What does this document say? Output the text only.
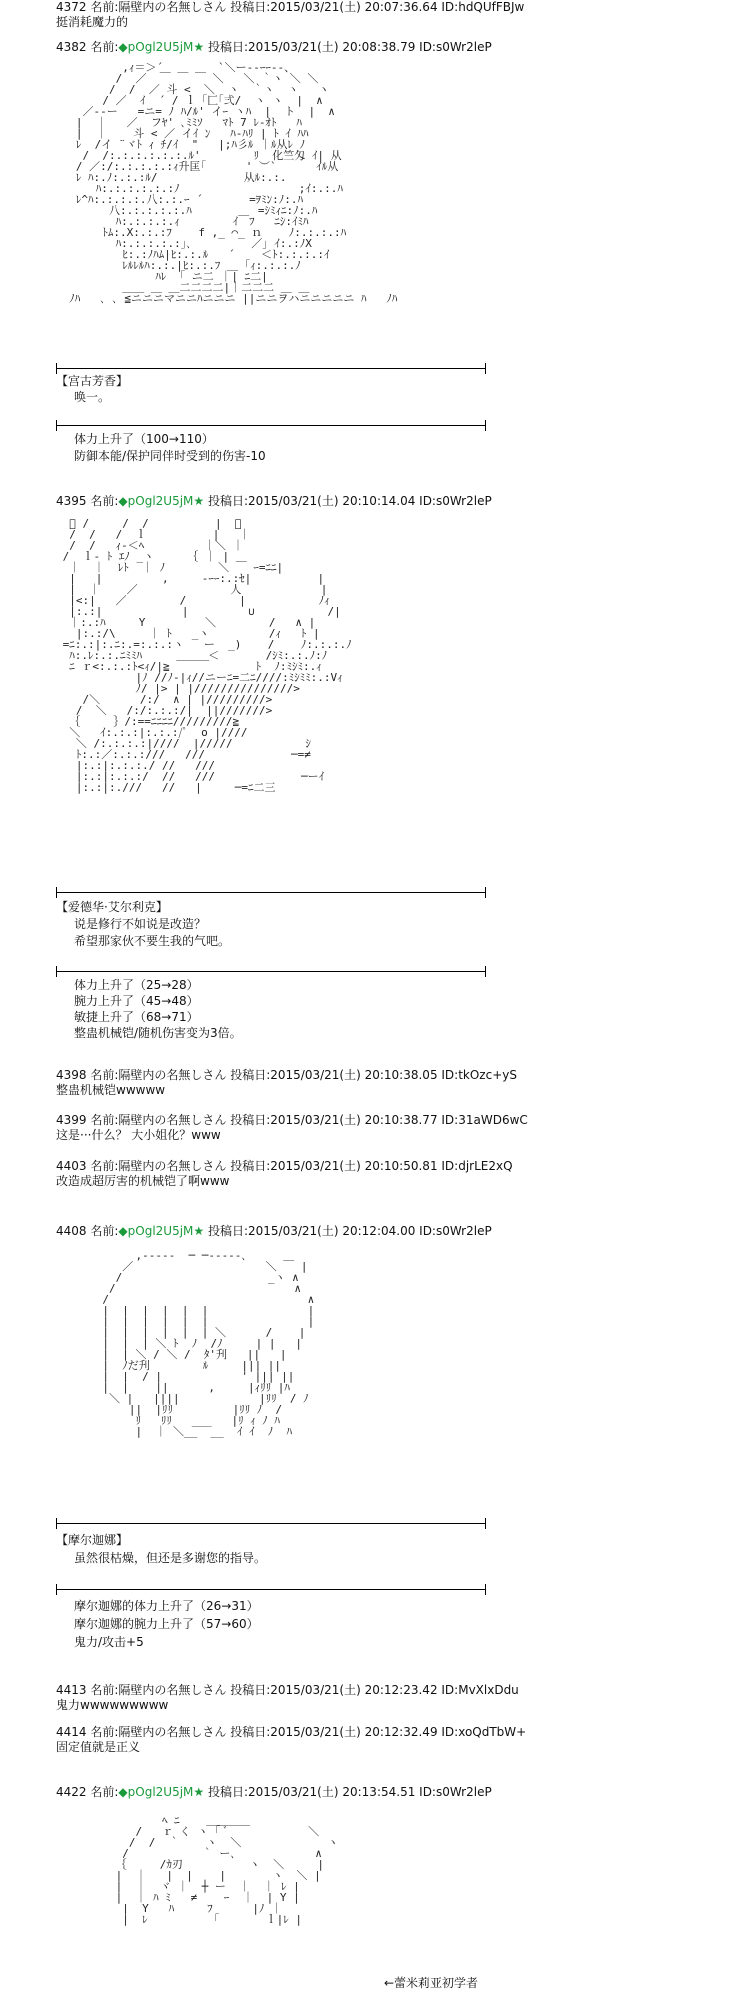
4372 名前:隔壁内の名無しさん 投稿日:2015/03/21(土) 20:07:36.64 ID:hdQUfFBJw
挺消耗魔力的
4382 名前:◆pOgl2U5jM★ 投稿日:2015/03/21(土) 20:08:38.79 ID:s0Wr2leP
,ｨ＝＞´￣￣￣￣￣`＼ー--ｰｰ--、
/  ／  ￣ ￣ ￣ ＼   ＼ ｀ヽ ＼ ＼
/  /  ／ 斗 <  ＼  ヽ  ｀ヽ  ヽ   ヽ
/ ／  ｲ  ´ / ｌ「匚｢弍/  ヽ ヽ  |  ∧
／--ー   =ニ= ﾉ ﾊ/ﾙ' イｰ ヽﾊ  |  ト  |  ∧
|  ｜   ／  フﾔ' ､ﾐﾐｿ   ﾏﾄ 7 ﾚ-ｵﾄ   ﾊ
|  ｜    斗 < ／ イｲ ﾝ   ﾊ-ﾊﾘ | ﾄ ｲ ﾊﾊ
ﾚ  /イ ¨ヾﾄ ｨ ﾁ/ｲ  "   |;ﾊ彡ﾙ ｜ﾙ从ﾚ ﾉ
/  /:.:.:.:.:.:.ﾙ'        ﾘ  化竺匁 ｲ| 从
/ ／:/:.:.:.:.:ｨ升匡｢      ' ︶`      ｲﾙ从
ﾚ ﾊ:.ﾉ:.:.:ﾙ/             从ﾙ:.:.
ﾊ:.:.:.:.:.:ﾉ                  ;ｲ:.:.ﾊ
ﾚ^ﾊ:.:.:.:.八:.:.ｰ ´       =ｦﾐﾝ:ﾉ:.ﾊ
八:.:.:.:.:.ﾊ          =ｼﾐｨﾆ:ﾉ:.ﾊ
ﾊ:.:.:.:.ｨ        ｲ￣ﾌ   ﾆｼ:ｲﾐﾊ
ﾄﾑ:.X:.:.:ﾌ    f ,_ ⌒_ ｎ    ﾉ:.:.:.:ﾊ
ﾊ:.:.:.:.:｣､         ／｣ ｲ:.:ﾉX
ﾋ:.:ﾉﾊﾑ|ﾋ:.:.ﾙ   ´    ＜ﾄ:.:.:.:ｲ
ﾚﾙﾚﾙﾊ:.:.|ﾋ:.:.ﾌ ＿ ｢ｨ:.:.:.ﾉ
ﾊﾚ  ｢ ニ二 ｜| ﾆ二|
＿＿ ＿ ＿二二二二|｜二二二 ＿ ＿
ﾉﾊ   ､ ､ ≦ニニニマニニﾊニニニ ||ニニヲハニニニニニ ﾊ   ﾉﾊ
【宫古芳香】
唤一。
体力上升了（100→110）
防御本能/保护同伴时受到的伤害-10
4395 名前:◆pOgl2U5jM★ 投稿日:2015/03/21(土) 20:10:14.04 ID:s0Wr2leP
ﾞ /     /  /          |  ＼
/  /   /  ｌ          |   ｜
/  /   ｨ-＜ﾍ         ｜＼ ｜
/  ｌ- ﾄ ｴﾉ _ヽ     ｛ ｜ |
｜  ｜  ﾚﾄ  ｜ ﾉ        ＼ ￣ ｰ=ﾆﾆ|
|   |         ,     -ｰｰ:.:ｾ|          |
|  ｜    ／              人            |
|<:|   ／        /        |           ﾉｨ
|:.:|            |         ∪           /|
｜:.:ﾊ     Y         ＼        /   ∧ |
|:.:/\     ｜ ﾄ   _ヽ         /ｨ   ﾄ |
=ﾆ:.:|:.ﾆ:.=:.:.:ヽ   ー  _)    /    ﾉ:.:.:.ﾉ
ﾊ:.ﾚ:.:.ﾆﾐﾐﾊ          ＜       /ｼﾐ:.:.ﾉ:ﾉ
ﾆ ｒ<:.:.:ﾄ<ｨ/|≧ ￣￣￣       ﾄ  ﾉ:ﾐｼﾐ:.ｨ
|ﾉ //ﾉ-|ｨ//ニーﾆ=二ﾆ////:ﾐｼﾐﾐ:.:Vｨ
ﾉ/ |> | |///////////////>
/＼      /:/  ∧ | |/////////>
/  ＼   /:/:.:.:/|  ||///////>
｛     ｝/:==ﾆﾆﾆﾆ/////////≧
＼   ｲ:.:.:|:.:.:/ﾟ  o |////
＼ /:.:.:.:|////  |/////           ｼ
ﾄ:.:／:.:.:///   ///             ─=≠
|:.:|:.:.:./ //   ///
|:.:|:.:.:/  //   ///             ─ーｲ
|:.:|:.///   //   |     ─=ﾆ二三
【爱德华·艾尔利克】
说是修行不如说是改造？
希望那家伙不要生我的气吧。
体力上升了（25→28）
腕力上升了（45→48）
敏捷上升了（68→71）
整蛊机械铠/随机伤害变为3倍。
4398 名前:隔壁内の名無しさん 投稿日:2015/03/21(土) 20:10:38.05 ID:tkOzc+yS
整蛊机械铠wwwww
4399 名前:隔壁内の名無しさん 投稿日:2015/03/21(土) 20:10:38.77 ID:31aWD6wC
这是···什么？ 大小姐化？www
4403 名前:隔壁内の名無しさん 投稿日:2015/03/21(土) 20:10:50.81 ID:djrLE2xQ
改造成超厉害的机械铠了啊www
4408 名前:◆pOgl2U5jM★ 投稿日:2015/03/21(土) 20:12:04.00 ID:s0Wr2leP
,-‐-‐‐  ─ ─-‐‐‐-､
／                    ＼ ￣ |
/                      _ヽ ∧
/                           ∧
/                              ∧
|  |  |  |  |  |               |
|  |  |  |  |  |               |
|  |  |  |  |  | ＼      /    |
|  |  | ＼ ﾄ  ﾉ  /ﾉ     | |   |
|  | ＼ / ＼ /  ﾀ'刋   ||   |
|  ﾉだ刋        ﾙ     ||| ||
|  |  / |            ' ||| ||
|  |    ||      ,     |ｨﾘﾘ |ﾊ
＼ |   ||||            |ﾘﾘ  / ﾉ
||  |ﾘﾘ         |ﾘﾘ ﾉ  /
ﾘ   ﾘﾘ   ___   |ﾘ ｨ ﾉ ﾊ
|  ｜ ＼__  __  ｲ ｲ  ﾉ  ﾊ
【摩尔迦娜】
虽然很枯燥，但还是多谢您的指导。
摩尔迦娜的体力上升了（26→31）
摩尔迦娜的腕力上升了（57→60）
鬼力/攻击+5
4413 名前:隔壁内の名無しさん 投稿日:2015/03/21(土) 20:12:23.42 ID:MvXlxDdu
鬼力wwwwwwwww
4414 名前:隔壁内の名無しさん 投稿日:2015/03/21(土) 20:12:32.49 ID:xoQdTbW+
固定值就是正义
4422 名前:◆pOgl2U5jM★ 投稿日:2015/03/21(土) 20:13:54.51 ID:s0Wr2leP
ﾍ ﾆ    ＿＿＿＿
/   ｒ く ヽ ｢ ﾞ            ＼
/  /  ｀    ヽ  ＼             ヽ
/           ｀ ー､            ∧
｛     /ｶ刃          ヽ  ＼     |
|  ｜   |  |    |       ヽ  ＼ |
|  ｜  ヾ ｜  ┼ ー  ｜  ｜ ﾚ |
|  ｜ ﾊ ﾐ   ≠    ｰ  ｜  | Y |
|  Y   ﾊ     ﾌ      |ﾉ ｜
|  ﾚ          ｢       ｌ|ﾚ |
←蕾米莉亚初学者
